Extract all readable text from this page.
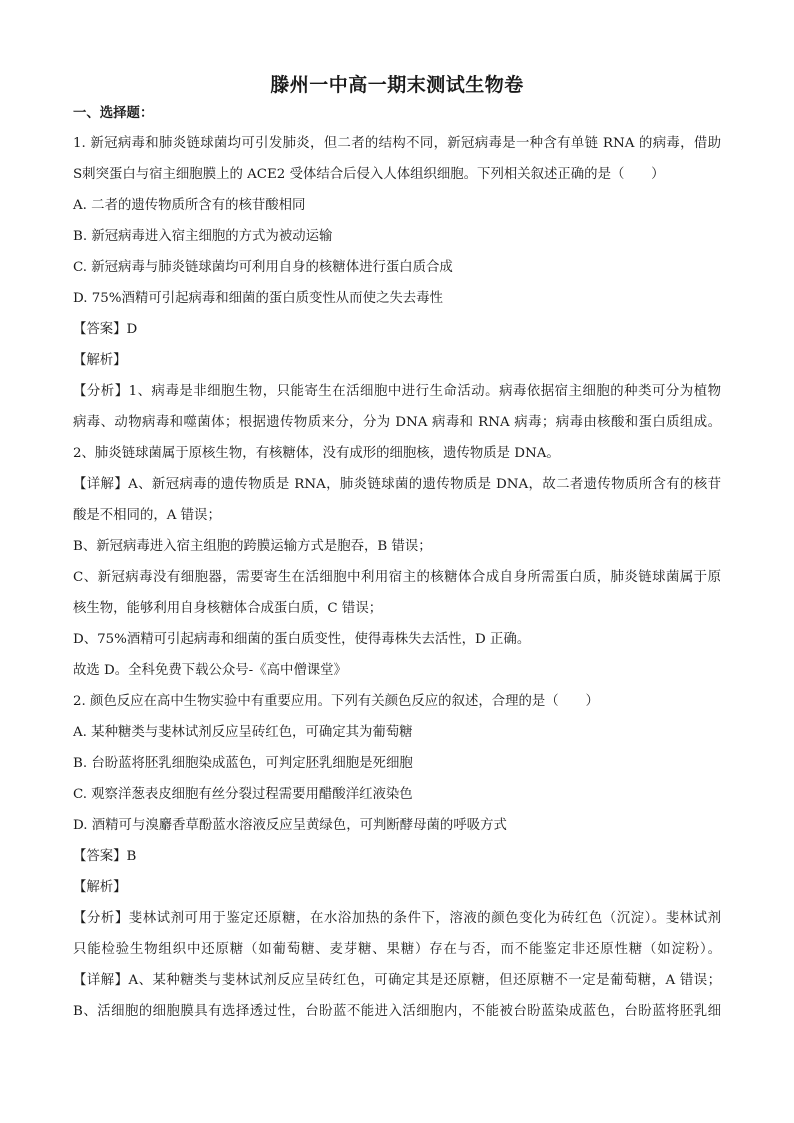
滕州一中高一期末测试生物卷
一、选择题：
1. 新冠病毒和肺炎链球菌均可引发肺炎，但二者的结构不同，新冠病毒是一种含有单链 RNA 的病毒，借助
S刺突蛋白与宿主细胞膜上的 ACE2 受体结合后侵入人体组织细胞。下列相关叙述正确的是（　　）
A. 二者的遗传物质所含有的核苷酸相同
B. 新冠病毒进入宿主细胞的方式为被动运输
C. 新冠病毒与肺炎链球菌均可利用自身的核糖体进行蛋白质合成
D. 75%酒精可引起病毒和细菌的蛋白质变性从而使之失去毒性
【答案】D
【解析】
【分析】1、病毒是非细胞生物，只能寄生在活细胞中进行生命活动。病毒依据宿主细胞的种类可分为植物
病毒、动物病毒和噬菌体；根据遗传物质来分，分为 DNA 病毒和 RNA 病毒；病毒由核酸和蛋白质组成。
2、肺炎链球菌属于原核生物，有核糖体，没有成形的细胞核，遗传物质是 DNA。
【详解】A、新冠病毒的遗传物质是 RNA，肺炎链球菌的遗传物质是 DNA，故二者遗传物质所含有的核苷
酸是不相同的，A 错误；
B、新冠病毒进入宿主组胞的跨膜运输方式是胞吞，B 错误；
C、新冠病毒没有细胞器，需要寄生在活细胞中利用宿主的核糖体合成自身所需蛋白质，肺炎链球菌属于原
核生物，能够利用自身核糖体合成蛋白质，C 错误；
D、75%酒精可引起病毒和细菌的蛋白质变性，使得毒株失去活性，D 正确。
故选 D。全科免费下载公众号-《高中僧课堂》
2. 颜色反应在高中生物实验中有重要应用。下列有关颜色反应的叙述，合理的是（　　）
A. 某种糖类与斐林试剂反应呈砖红色，可确定其为葡萄糖
B. 台盼蓝将胚乳细胞染成蓝色，可判定胚乳细胞是死细胞
C. 观察洋葱表皮细胞有丝分裂过程需要用醋酸洋红液染色
D. 酒精可与溴麝香草酚蓝水溶液反应呈黄绿色，可判断酵母菌的呼吸方式
【答案】B
【解析】
【分析】斐林试剂可用于鉴定还原糖，在水浴加热的条件下，溶液的颜色变化为砖红色（沉淀）。斐林试剂
只能检验生物组织中还原糖（如葡萄糖、麦芽糖、果糖）存在与否，而不能鉴定非还原性糖（如淀粉）。
【详解】A、某种糖类与斐林试剂反应呈砖红色，可确定其是还原糖，但还原糖不一定是葡萄糖，A 错误；
B、活细胞的细胞膜具有选择透过性，台盼蓝不能进入活细胞内，不能被台盼蓝染成蓝色，台盼蓝将胚乳细
